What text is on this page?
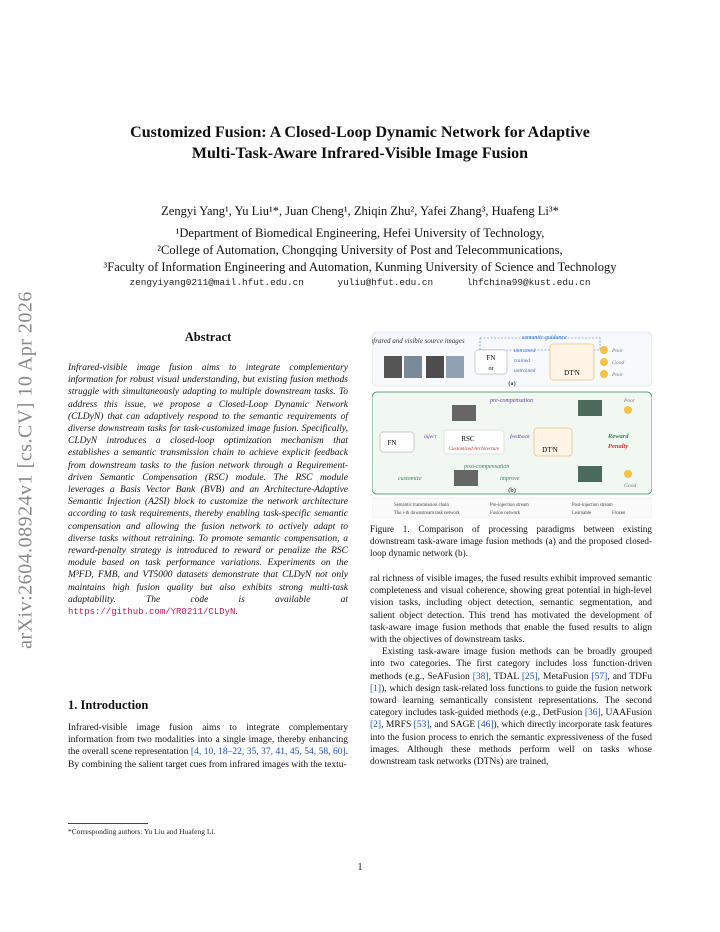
arXiv:2604.08924v1 [cs.CV] 10 Apr 2026
Customized Fusion: A Closed-Loop Dynamic Network for Adaptive
Multi-Task-Aware Infrared-Visible Image Fusion
Zengyi Yang¹, Yu Liu¹*, Juan Cheng¹, Zhiqin Zhu², Yafei Zhang³, Huafeng Li³*
¹Department of Biomedical Engineering, Hefei University of Technology,
²College of Automation, Chongqing University of Post and Telecommunications,
³Faculty of Information Engineering and Automation, Kunming University of Science and Technology
zengyiyang0211@mail.hfut.edu.cn	yuliu@hfut.edu.cn	lhfchina99@kust.edu.cn
Abstract
Infrared-visible image fusion aims to integrate complementary information for robust visual understanding, but existing fusion methods struggle with simultaneously adapting to multiple downstream tasks. To address this issue, we propose a Closed-Loop Dynamic Network (CLDyN) that can adaptively respond to the semantic requirements of diverse downstream tasks for task-customized image fusion. Specifically, CLDyN introduces a closed-loop optimization mechanism that establishes a semantic transmission chain to achieve explicit feedback from downstream tasks to the fusion network through a Requirement-driven Semantic Compensation (RSC) module. The RSC module leverages a Basis Vector Bank (BVB) and an Architecture-Adaptive Semantic Injection (A2SI) block to customize the network architecture according to task requirements, thereby enabling task-specific semantic compensation and allowing the fusion network to actively adapt to diverse tasks without retraining. To promote semantic compensation, a reward-penalty strategy is introduced to reward or penalize the RSC module based on task performance variations. Experiments on the M³FD, FMB, and VT5000 datasets demonstrate that CLDyN not only maintains high fusion quality but also exhibits strong multi-task adaptability. The code is available at https://github.com/YR0211/CLDyN.
1. Introduction
Infrared-visible image fusion aims to integrate complementary information from two modalities into a single image, thereby enhancing the overall scene representation [4, 10, 18–22, 35, 37, 41, 45, 54, 58, 60]. By combining the salient target cues from infrared images with the textu-
*Corresponding authors: Yu Liu and Huafeng Li.
Infrared and visible source images	semantic guidance
FN
or
untrained
trained
untrained	DTⁱN
Poor
Good
Poor
(a)
pre-compensation
FN
inject	RSC
Customized Architecture
feedback
DTⁱN
post-compensation
customize	improve
Poor
Good
Reward
Penalty
(b)
Semantic transmission chain
The i-th downstream task network
Pre-injection stream
Fusion network
Post-injection stream
Learnable	Frozen
Figure 1. Comparison of processing paradigms between existing downstream task-aware image fusion methods (a) and the proposed closed-loop dynamic network (b).
ral richness of visible images, the fused results exhibit improved semantic completeness and visual coherence, showing great potential in high-level vision tasks, including object detection, semantic segmentation, and salient object detection. This trend has motivated the development of task-aware image fusion methods that enable the fused results to align with the objectives of downstream tasks.
Existing task-aware image fusion methods can be broadly grouped into two categories. The first category includes loss function-driven methods (e.g., SeAFusion [38], TDAL [25], MetaFusion [57], and TDFu [1]), which design task-related loss functions to guide the fusion network toward learning semantically consistent representations. The second category includes task-guided methods (e.g., DetFusion [36], UAAFusion [2], MRFS [53], and SAGE [46]), which directly incorporate task features into the fusion process to enrich the semantic expressiveness of the fused images. Although these methods perform well on tasks whose downstream task networks (DTNs) are trained,
1
